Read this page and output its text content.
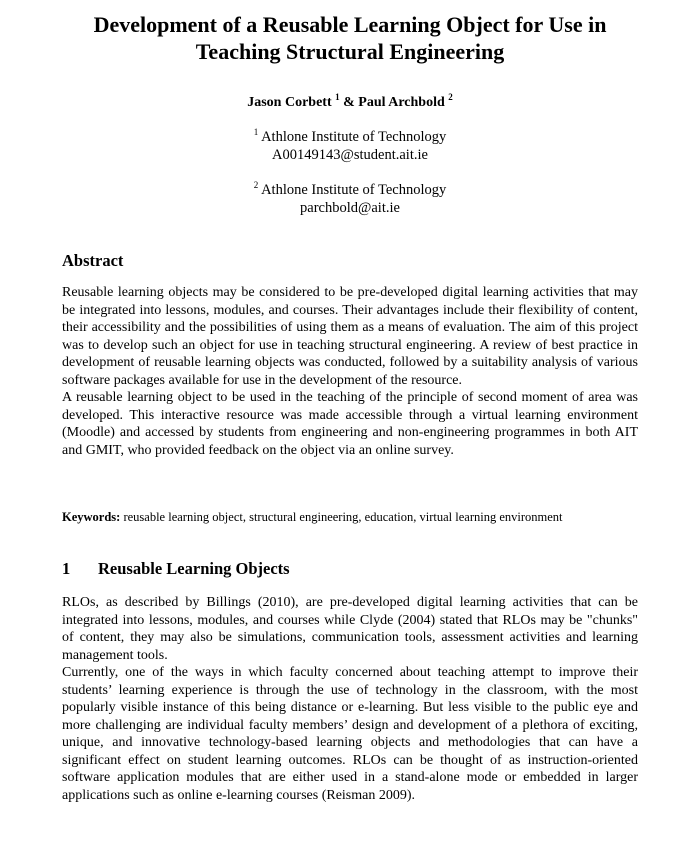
Development of a Reusable Learning Object for Use in
Teaching Structural Engineering
Jason Corbett $^1$ & Paul Archbold $^2$
$^1$ Athlone Institute of Technology
A00149143@student.ait.ie
$^2$ Athlone Institute of Technology
parchbold@ait.ie
Abstract

Reusable learning objects may be considered to be pre-developed digital learning activities that may be integrated into lessons, modules, and courses. Their advantages include their flexibility of content, their accessibility and the possibilities of using them as a means of evaluation. The aim of this project was to develop such an object for use in teaching structural engineering. A review of best practice in development of reusable learning objects was conducted, followed by a suitability analysis of various software packages available for use in the development of the resource.

A reusable learning object to be used in the teaching of the principle of second moment of area was developed. This interactive resource was made accessible through a virtual learning environment (Moodle) and accessed by students from engineering and non-engineering programmes in both AIT and GMIT, who provided feedback on the object via an online survey.

Keywords: reusable learning object, structural engineering, education, virtual learning environment
1 Reusable Learning Objects

RLOs, as described by Billings (2010), are pre-developed digital learning activities that can be integrated into lessons, modules, and courses while Clyde (2004) stated that RLOs may be "chunks" of content, they may also be simulations, communication tools, assessment activities and learning management tools.

Currently, one of the ways in which faculty concerned about teaching attempt to improve their students’ learning experience is through the use of technology in the classroom, with the most popularly visible instance of this being distance or e-learning. But less visible to the public eye and more challenging are individual faculty members’ design and development of a plethora of exciting, unique, and innovative technology-based learning objects and methodologies that can have a significant effect on student learning outcomes. RLOs can be thought of as instruction-oriented software application modules that are either used in a stand-alone mode or embedded in larger applications such as online e-learning courses (Reisman 2009).
